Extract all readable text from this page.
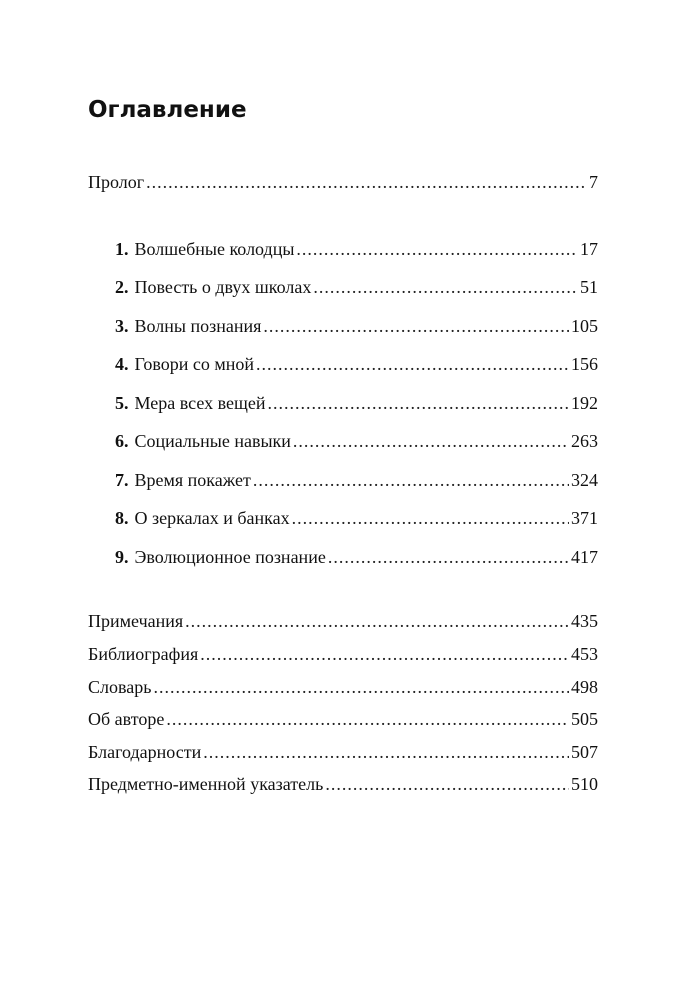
Оглавление
Пролог .....	7
1. Волшебные колодцы .....	17
2. Повесть о двух школах .....	51
3. Волны познания .....	105
4. Говори со мной .....	156
5. Мера всех вещей .....	192
6. Социальные навыки .....	263
7. Время покажет .....	324
8. О зеркалах и банках .....	371
9. Эволюционное познание .....	417
Примечания .....	435
Библиография .....	453
Словарь .....	498
Об авторе .....	505
Благодарности .....	507
Предметно-именной указатель .....	510
